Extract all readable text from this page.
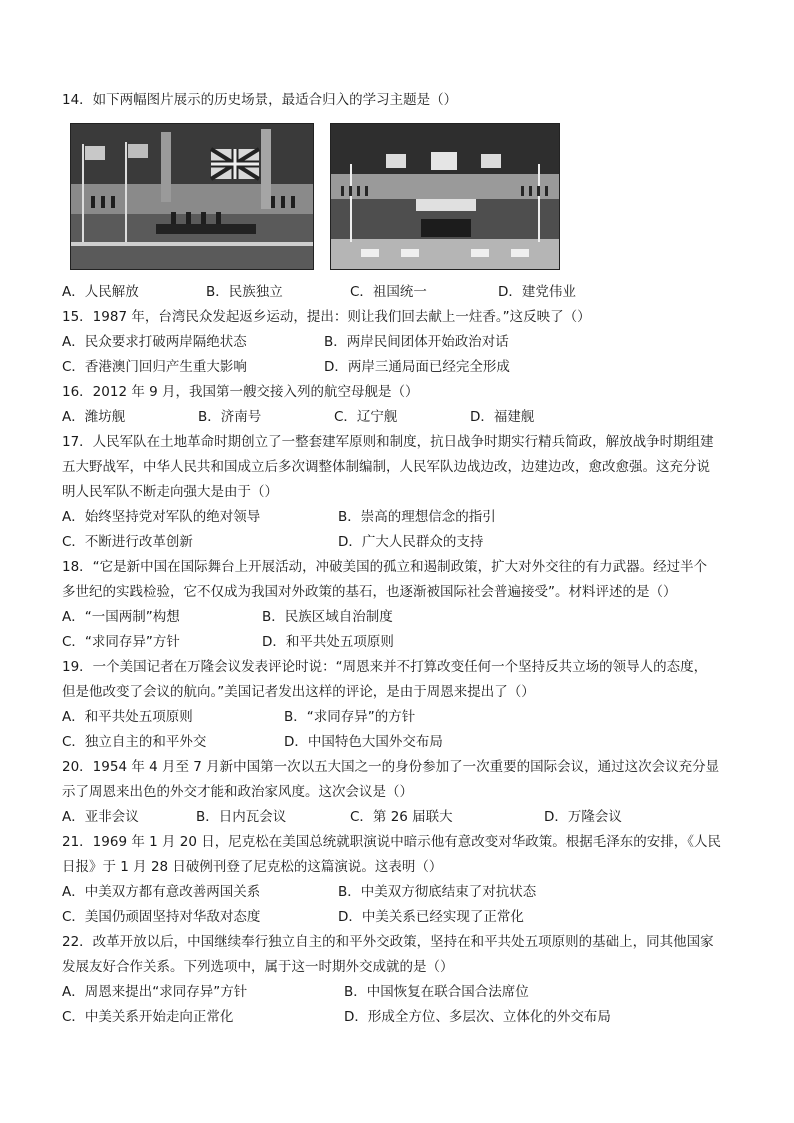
14．如下两幅图片展示的历史场景，最适合归入的学习主题是（）
A．人民解放	B．民族独立	C．祖国统一	D．建党伟业
15．1987 年，台湾民众发起返乡运动，提出：则让我们回去献上一炷香。”这反映了（）
A．民众要求打破两岸隔绝状态	B．两岸民间团体开始政治对话
C．香港澳门回归产生重大影响	D．两岸三通局面已经完全形成
16．2012 年 9 月，我国第一艘交接入列的航空母舰是（）
A．潍坊舰	B．济南号	C．辽宁舰	D．福建舰
17．人民军队在土地革命时期创立了一整套建军原则和制度，抗日战争时期实行精兵简政，解放战争时期组建
五大野战军，中华人民共和国成立后多次调整体制编制，人民军队边战边改，边建边改，愈改愈强。这充分说
明人民军队不断走向强大是由于（）
A．始终坚持党对军队的绝对领导	B．崇高的理想信念的指引
C．不断进行改革创新	D．广大人民群众的支持
18．“它是新中国在国际舞台上开展活动，冲破美国的孤立和遏制政策，扩大对外交往的有力武器。经过半个
多世纪的实践检验，它不仅成为我国对外政策的基石，也逐渐被国际社会普遍接受”。材料评述的是（）
A．“一国两制”构想	B．民族区域自治制度
C．“求同存异”方针	D．和平共处五项原则
19．一个美国记者在万隆会议发表评论时说：“周恩来并不打算改变任何一个坚持反共立场的领导人的态度，
但是他改变了会议的航向。”美国记者发出这样的评论，是由于周恩来提出了（）
A．和平共处五项原则	B．“求同存异”的方针
C．独立自主的和平外交	D．中国特色大国外交布局
20．1954 年 4 月至 7 月新中国第一次以五大国之一的身份参加了一次重要的国际会议，通过这次会议充分显
示了周恩来出色的外交才能和政治家风度。这次会议是（）
A．亚非会议	B．日内瓦会议	C．第 26 届联大	D．万隆会议
21．1969 年 1 月 20 日，尼克松在美国总统就职演说中暗示他有意改变对华政策。根据毛泽东的安排，《人民
日报》于 1 月 28 日破例刊登了尼克松的这篇演说。这表明（）
A．中美双方都有意改善两国关系	B．中美双方彻底结束了对抗状态
C．美国仍顽固坚持对华敌对态度	D．中美关系已经实现了正常化
22．改革开放以后，中国继续奉行独立自主的和平外交政策，坚持在和平共处五项原则的基础上，同其他国家
发展友好合作关系。下列选项中，属于这一时期外交成就的是（）
A．周恩来提出“求同存异”方针	B．中国恢复在联合国合法席位
C．中美关系开始走向正常化	D．形成全方位、多层次、立体化的外交布局
